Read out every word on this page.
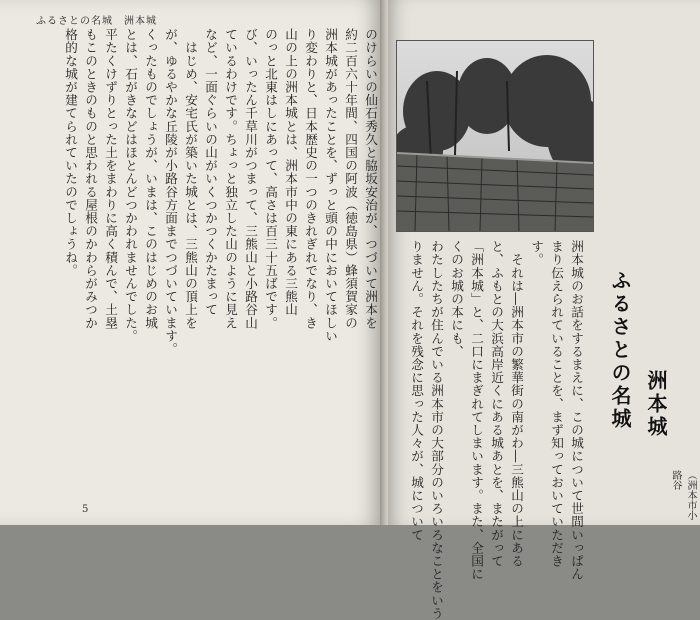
ふるさとの名城　洲本城
のけらいの仙石秀久と脇坂安治が、つづいて洲本を
約二百六十年間、四国の阿波（徳島県）蜂須賀家の
洲本城があったことを、ずっと頭の中においてほしい
り変わりと、日本歴史の一つのきれぎれでなり、き
山の上の洲本城とは、洲本市中の東にある三熊山
のっと北東はしにあって、高さは百三十五ばです。
び、いったん千草川がつまって、三熊山と小路谷山
ているわけです。ちょっと独立した山のように見え
など、一面ぐらいの山がいくつかつくかたまって
　はじめ、安宅氏が築いた城とは、三熊山の頂上を
が、ゆるやかな丘陵が小路谷方面までつづいています。
くったものでしょうが、いまは、このはじめのお城
とは、石がきなどはほとんどつかわれませんでした。
平たくけずりとった土をまわりに高く積んで、土塁
もこのときのものと思われる屋根のかわらがみつか
格的な城が建てられていたのでしょうね。
5	洲本城のお話をするまえに、この城について世間いっぱん
まり伝えられていることを、まず知っておいていただき
す。
　それは―洲本市の繁華街の南がわ―三熊山の上にある
と、ふもとの大浜高岸近くにある城あとを、またがって
「洲本城」と、二口にまぎれてしまいます。また、全国に
くのお城の本にも、
わたしたちが住んでいる洲本市の大部分のいろいろなことをいう
りません。それを残念に思った人々が、城について	ふるさとの名城 洲本城
（洲本市小路谷
